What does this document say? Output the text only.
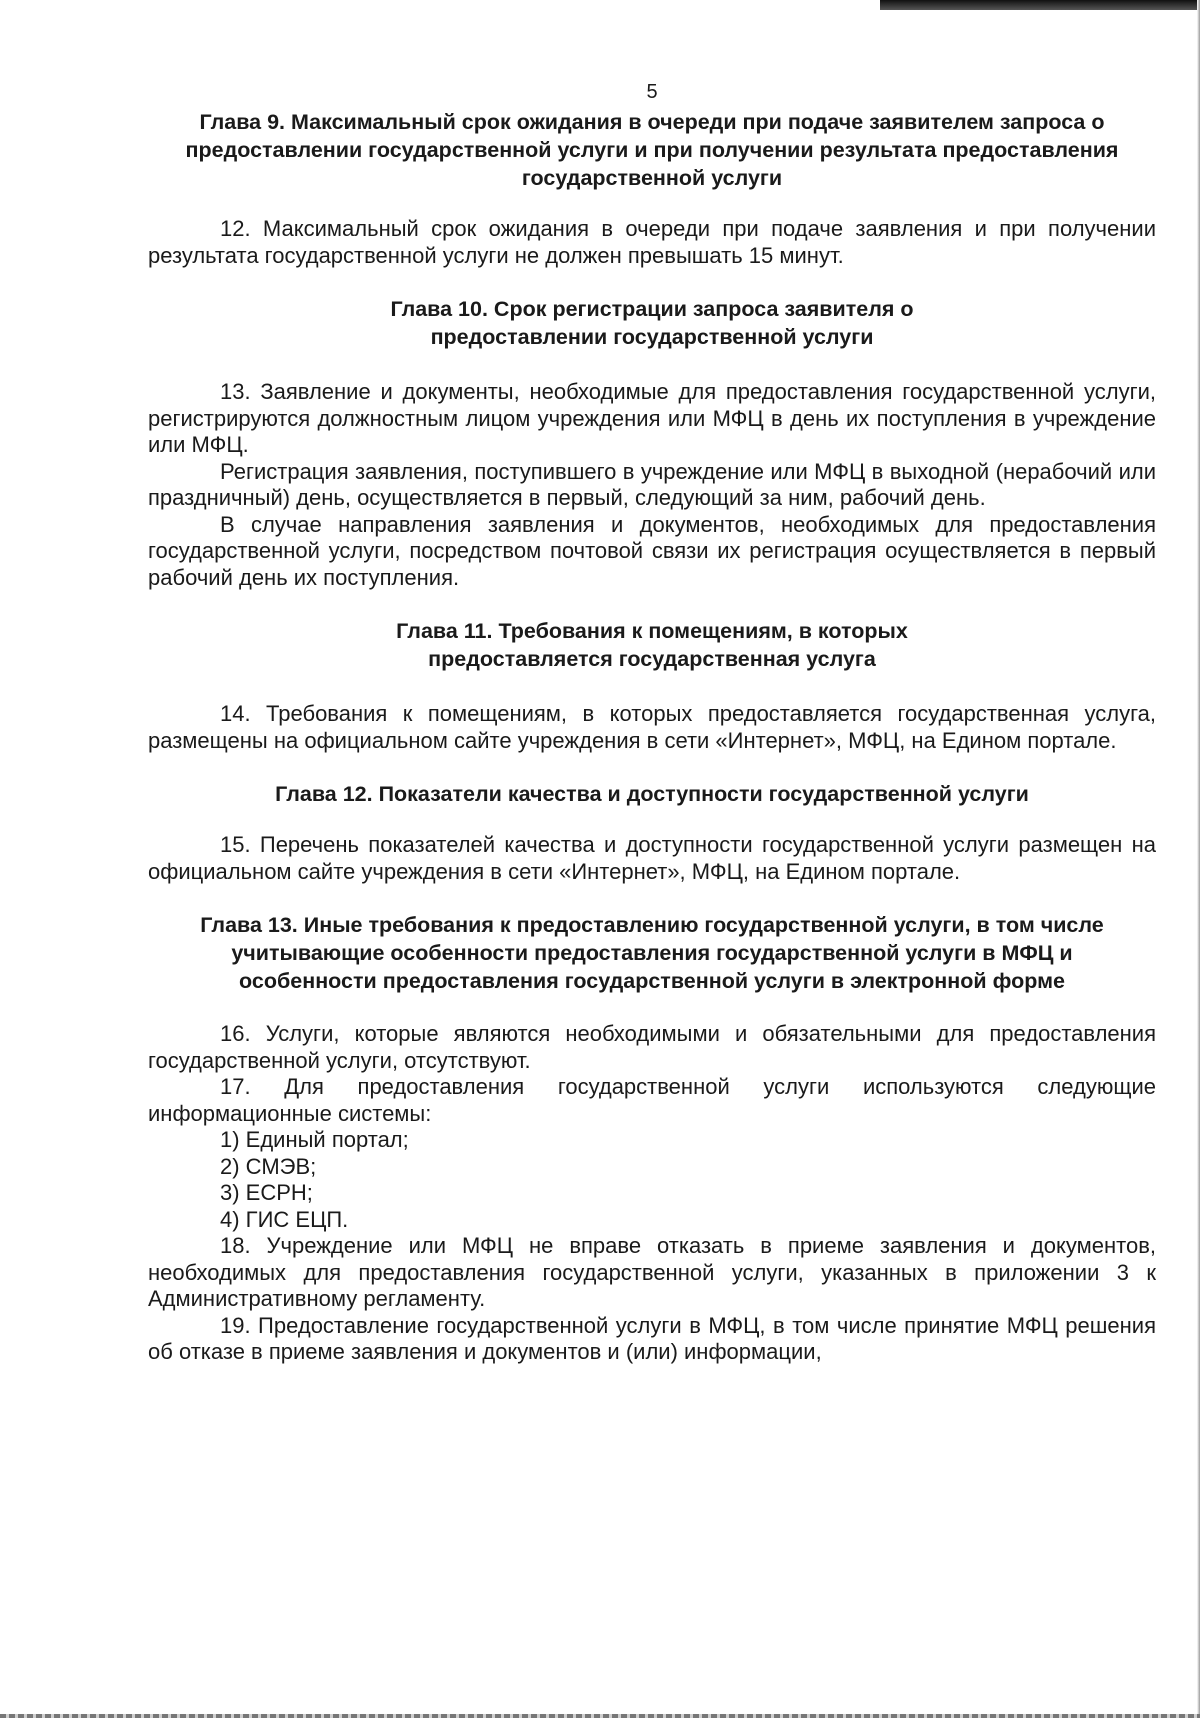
5
Глава 9. Максимальный срок ожидания в очереди при подаче заявителем запроса о предоставлении государственной услуги и при получении результата предоставления государственной услуги

12. Максимальный срок ожидания в очереди при подаче заявления и при получении результата государственной услуги не должен превышать 15 минут.

Глава 10. Срок регистрации запроса заявителя о предоставлении государственной услуги

13. Заявление и документы, необходимые для предоставления государственной услуги, регистрируются должностным лицом учреждения или МФЦ в день их поступления в учреждение или МФЦ.

Регистрация заявления, поступившего в учреждение или МФЦ в выходной (нерабочий или праздничный) день, осуществляется в первый, следующий за ним, рабочий день.

В случае направления заявления и документов, необходимых для предоставления государственной услуги, посредством почтовой связи их регистрация осуществляется в первый рабочий день их поступления.

Глава 11. Требования к помещениям, в которых предоставляется государственная услуга

14. Требования к помещениям, в которых предоставляется государственная услуга, размещены на официальном сайте учреждения в сети «Интернет», МФЦ, на Едином портале.

Глава 12. Показатели качества и доступности государственной услуги

15. Перечень показателей качества и доступности государственной услуги размещен на официальном сайте учреждения в сети «Интернет», МФЦ, на Едином портале.

Глава 13. Иные требования к предоставлению государственной услуги, в том числе учитывающие особенности предоставления государственной услуги в МФЦ и особенности предоставления государственной услуги в электронной форме

16. Услуги, которые являются необходимыми и обязательными для предоставления государственной услуги, отсутствуют.

17. Для предоставления государственной услуги используются следующие информационные системы:

1) Единый портал;

2) СМЭВ;

3) ЕСРН;

4) ГИС ЕЦП.

18. Учреждение или МФЦ не вправе отказать в приеме заявления и документов, необходимых для предоставления государственной услуги, указанных в приложении 3 к Административному регламенту.

19. Предоставление государственной услуги в МФЦ, в том числе принятие МФЦ решения об отказе в приеме заявления и документов и (или) информации,
